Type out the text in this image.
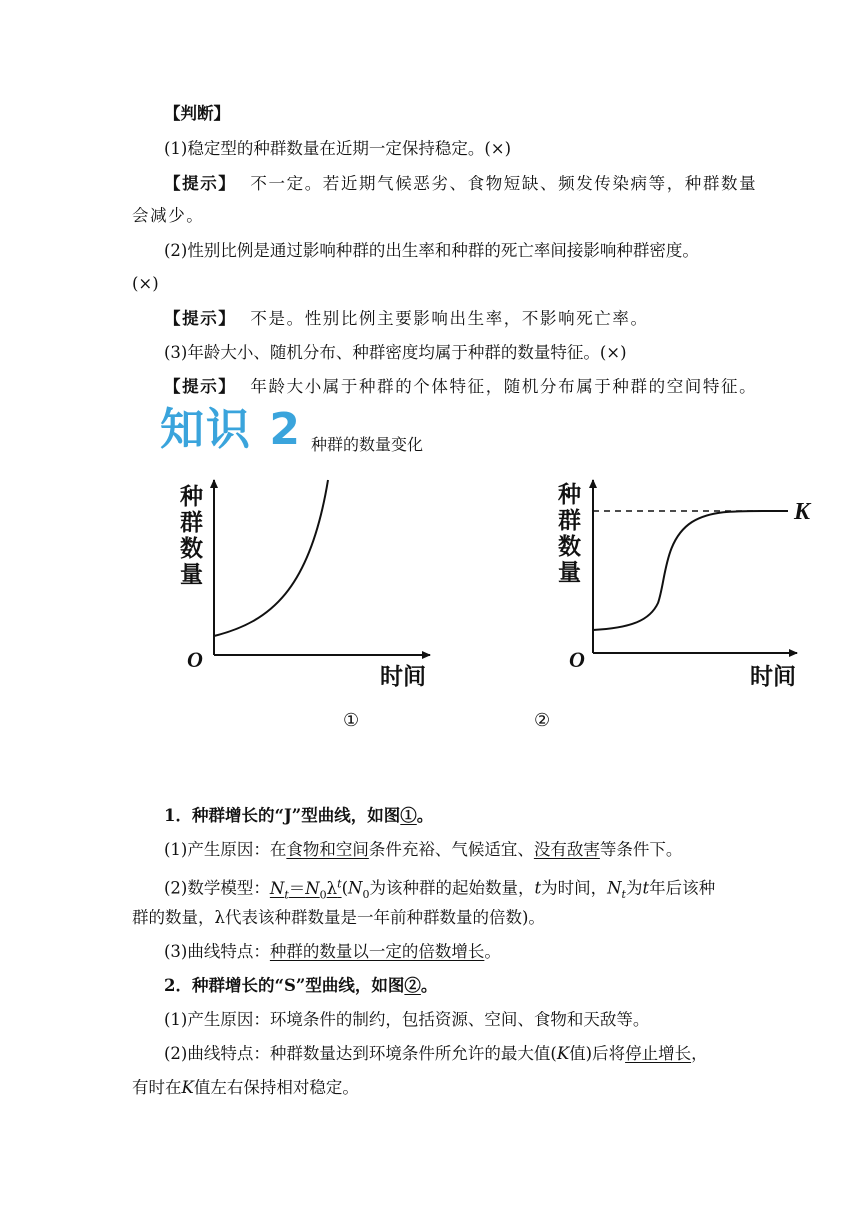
【判断】
(1)稳定型的种群数量在近期一定保持稳定。(×)
【提示】 不一定。若近期气候恶劣、食物短缺、频发传染病等，种群数量
会减少。
(2)性别比例是通过影响种群的出生率和种群的死亡率间接影响种群密度。
(×)
【提示】 不是。性别比例主要影响出生率，不影响死亡率。
(3)年龄大小、随机分布、种群密度均属于种群的数量特征。(×)
【提示】 年龄大小属于种群的个体特征，随机分布属于种群的空间特征。
知识 2 种群的数量变化
种
群
数
量
时间
O
种
群
数
量
时间
K
O
①	②
1．种群增长的“J”型曲线，如图①。
(1)产生原因：在食物和空间条件充裕、气候适宜、没有敌害等条件下。
(2)数学模型：$N_t=N_0\lambda^t(N_0$为该种群的起始数量，t为时间，$N_t$为t年后该种
群的数量，λ代表该种群数量是一年前种群数量的倍数)。
(3)曲线特点：种群的数量以一定的倍数增长。
2．种群增长的“S”型曲线，如图②。
(1)产生原因：环境条件的制约，包括资源、空间、食物和天敌等。
(2)曲线特点：种群数量达到环境条件所允许的最大值(K值)后将停止增长，
有时在K值左右保持相对稳定。
